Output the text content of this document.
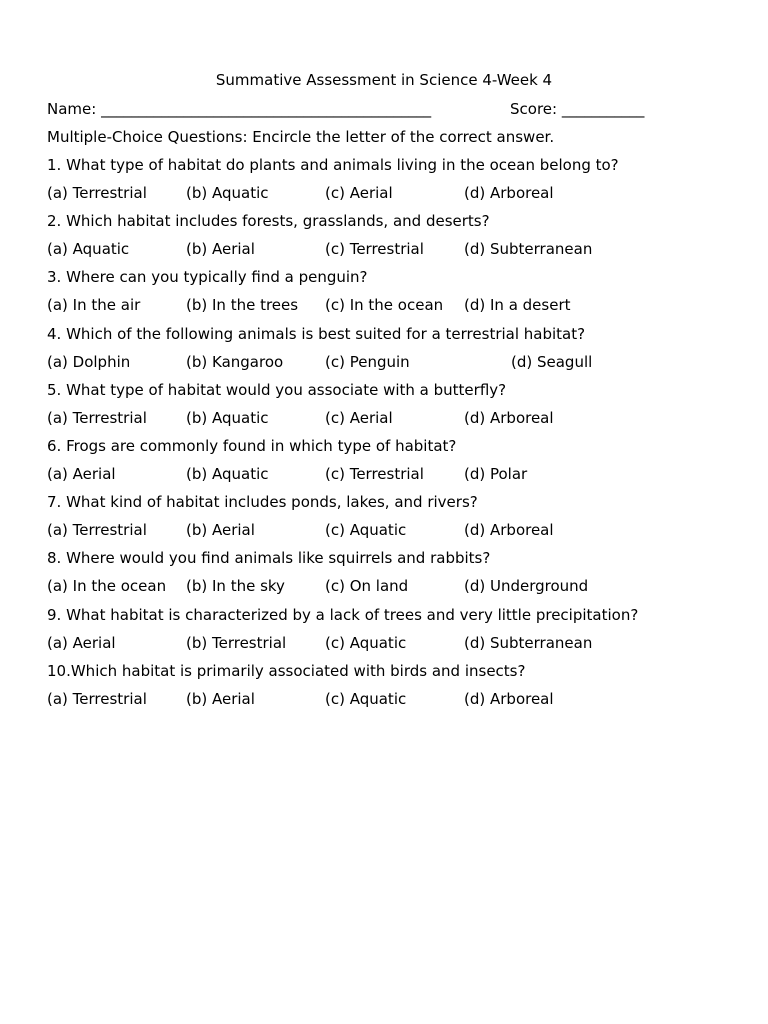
Summative Assessment in Science 4-Week 4
Name: ____________________________________________	Score: ___________
Multiple-Choice Questions: Encircle the letter of the correct answer.
1. What type of habitat do plants and animals living in the ocean belong to?
(a) Terrestrial	(b) Aquatic	(c) Aerial	(d) Arboreal
2. Which habitat includes forests, grasslands, and deserts?
(a) Aquatic	(b) Aerial	(c) Terrestrial	(d) Subterranean
3. Where can you typically find a penguin?
(a) In the air	(b) In the trees (c) In the ocean (d) In a desert
4. Which of the following animals is best suited for a terrestrial habitat?
(a) Dolphin	(b) Kangaroo	(c) Penguin	(d) Seagull
5. What type of habitat would you associate with a butterfly?
(a) Terrestrial	(b) Aquatic	(c) Aerial	(d) Arboreal
6. Frogs are commonly found in which type of habitat?
(a) Aerial	(b) Aquatic	(c) Terrestrial	(d) Polar
7. What kind of habitat includes ponds, lakes, and rivers?
(a) Terrestrial	(b) Aerial	(c) Aquatic	(d) Arboreal
8. Where would you find animals like squirrels and rabbits?
(a) In the ocean (b) In the sky	(c) On land	(d) Underground
9. What habitat is characterized by a lack of trees and very little precipitation?
(a) Aerial	(b) Terrestrial	(c) Aquatic	(d) Subterranean
10.Which habitat is primarily associated with birds and insects?
(a) Terrestrial	(b) Aerial	(c) Aquatic	(d) Arboreal
